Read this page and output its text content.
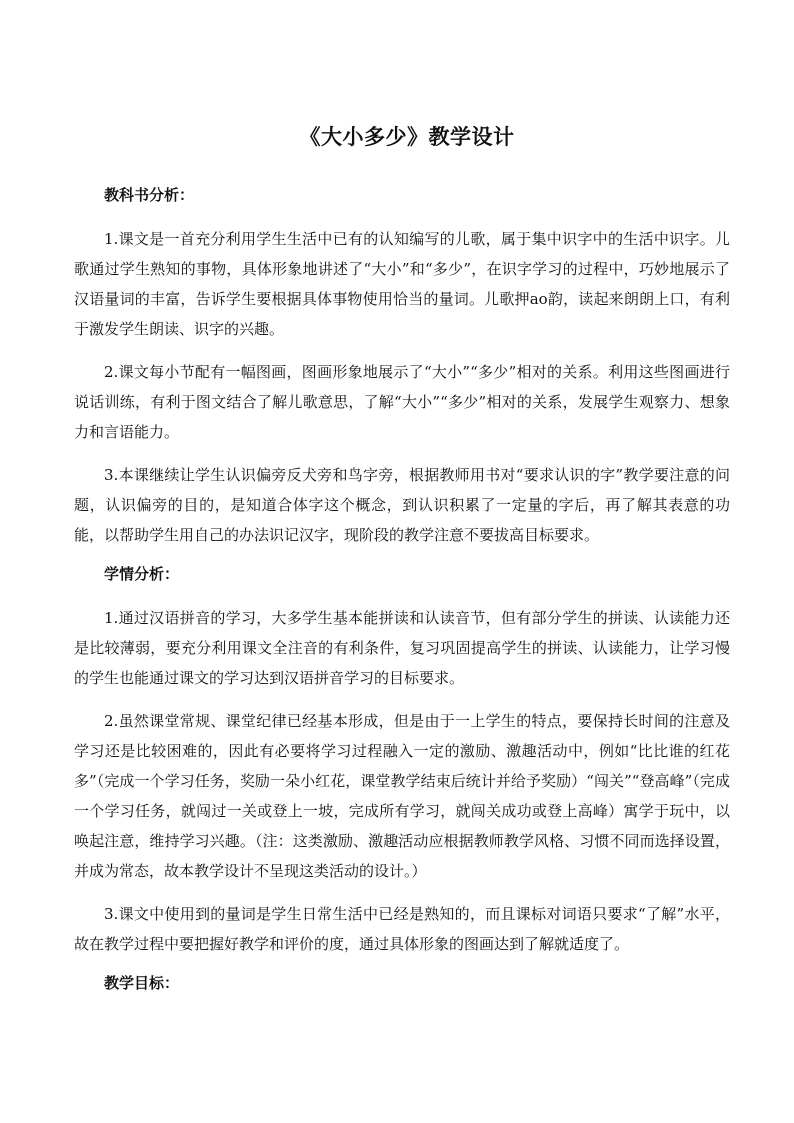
《大小多少》教学设计
教科书分析：

1.课文是一首充分利用学生生活中已有的认知编写的儿歌，属于集中识字中的生活中识字。儿歌通过学生熟知的事物，具体形象地讲述了“大小”和“多少”，在识字学习的过程中，巧妙地展示了汉语量词的丰富，告诉学生要根据具体事物使用恰当的量词。儿歌押ao韵，读起来朗朗上口，有利于激发学生朗读、识字的兴趣。

2.课文每小节配有一幅图画，图画形象地展示了“大小”“多少”相对的关系。利用这些图画进行说话训练，有利于图文结合了解儿歌意思，了解“大小”“多少”相对的关系，发展学生观察力、想象力和言语能力。

3.本课继续让学生认识偏旁反犬旁和鸟字旁，根据教师用书对“要求认识的字”教学要注意的问题，认识偏旁的目的，是知道合体字这个概念，到认识积累了一定量的字后，再了解其表意的功能，以帮助学生用自己的办法识记汉字，现阶段的教学注意不要拔高目标要求。

学情分析：

1.通过汉语拼音的学习，大多学生基本能拼读和认读音节，但有部分学生的拼读、认读能力还是比较薄弱，要充分利用课文全注音的有利条件，复习巩固提高学生的拼读、认读能力，让学习慢的学生也能通过课文的学习达到汉语拼音学习的目标要求。

2.虽然课堂常规、课堂纪律已经基本形成，但是由于一上学生的特点，要保持长时间的注意及学习还是比较困难的，因此有必要将学习过程融入一定的激励、激趣活动中，例如“比比谁的红花多”（完成一个学习任务，奖励一朵小红花，课堂教学结束后统计并给予奖励）“闯关”“登高峰”（完成一个学习任务，就闯过一关或登上一坡，完成所有学习，就闯关成功或登上高峰）寓学于玩中，以唤起注意，维持学习兴趣。（注：这类激励、激趣活动应根据教师教学风格、习惯不同而选择设置，并成为常态，故本教学设计不呈现这类活动的设计。）

3.课文中使用到的量词是学生日常生活中已经是熟知的，而且课标对词语只要求“了解”水平，故在教学过程中要把握好教学和评价的度，通过具体形象的图画达到了解就适度了。

教学目标：
